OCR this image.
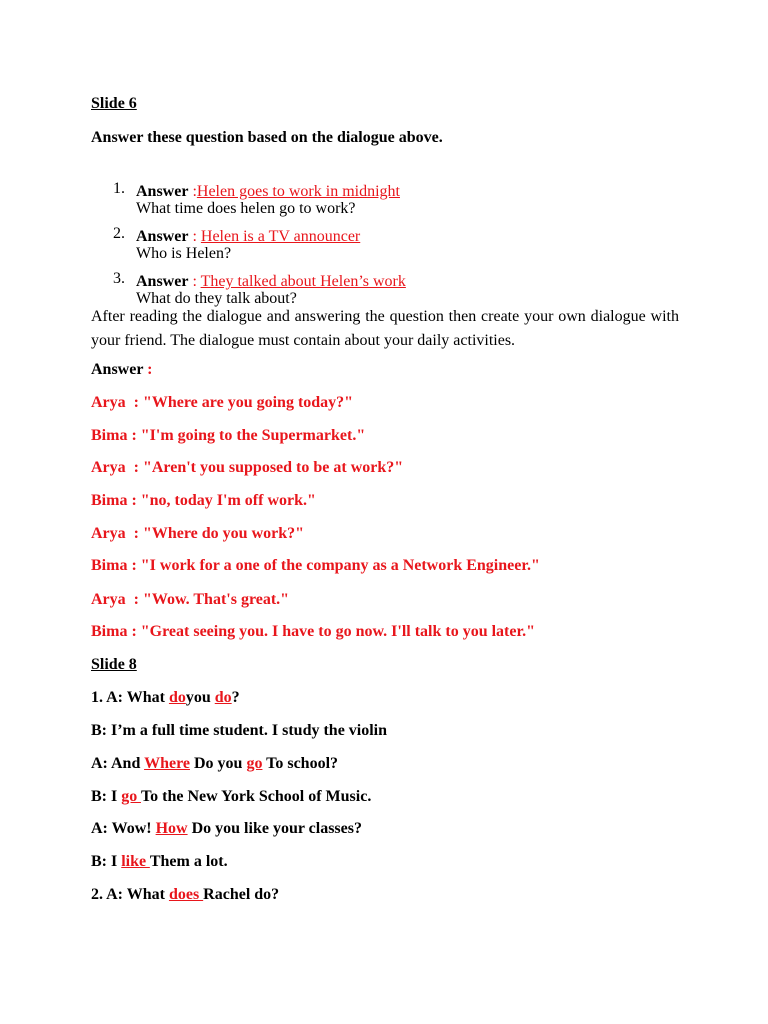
Slide 6
Answer these question based on the dialogue above.

1.

What time does helen go to work?

Answer :Helen goes to work in midnight

2.

Who is Helen?

Answer : Helen is a TV announcer

3.

What do they talk about?

Answer : They talked about Helen’s work
After reading the dialogue and answering the question then create your own dialogue with your friend. The dialogue must contain about your daily activities.
Answer :
Arya  : "Where are you going today?"
Bima : "I'm going to the Supermarket."
Arya  : "Aren't you supposed to be at work?"
Bima : "no, today I'm off work."
Arya  : "Where do you work?"
Bima : "I work for a one of the company as a Network Engineer."
Arya  : "Wow. That's great."
Bima : "Great seeing you. I have to go now. I'll talk to you later."
Slide 8
1. A: What doyou do?
B: I’m a full time student. I study the violin
A: And Where Do you go To school?
B: I go To the New York School of Music.
A: Wow! How Do you like your classes?
B: I like Them a lot.
2. A: What does Rachel do?
